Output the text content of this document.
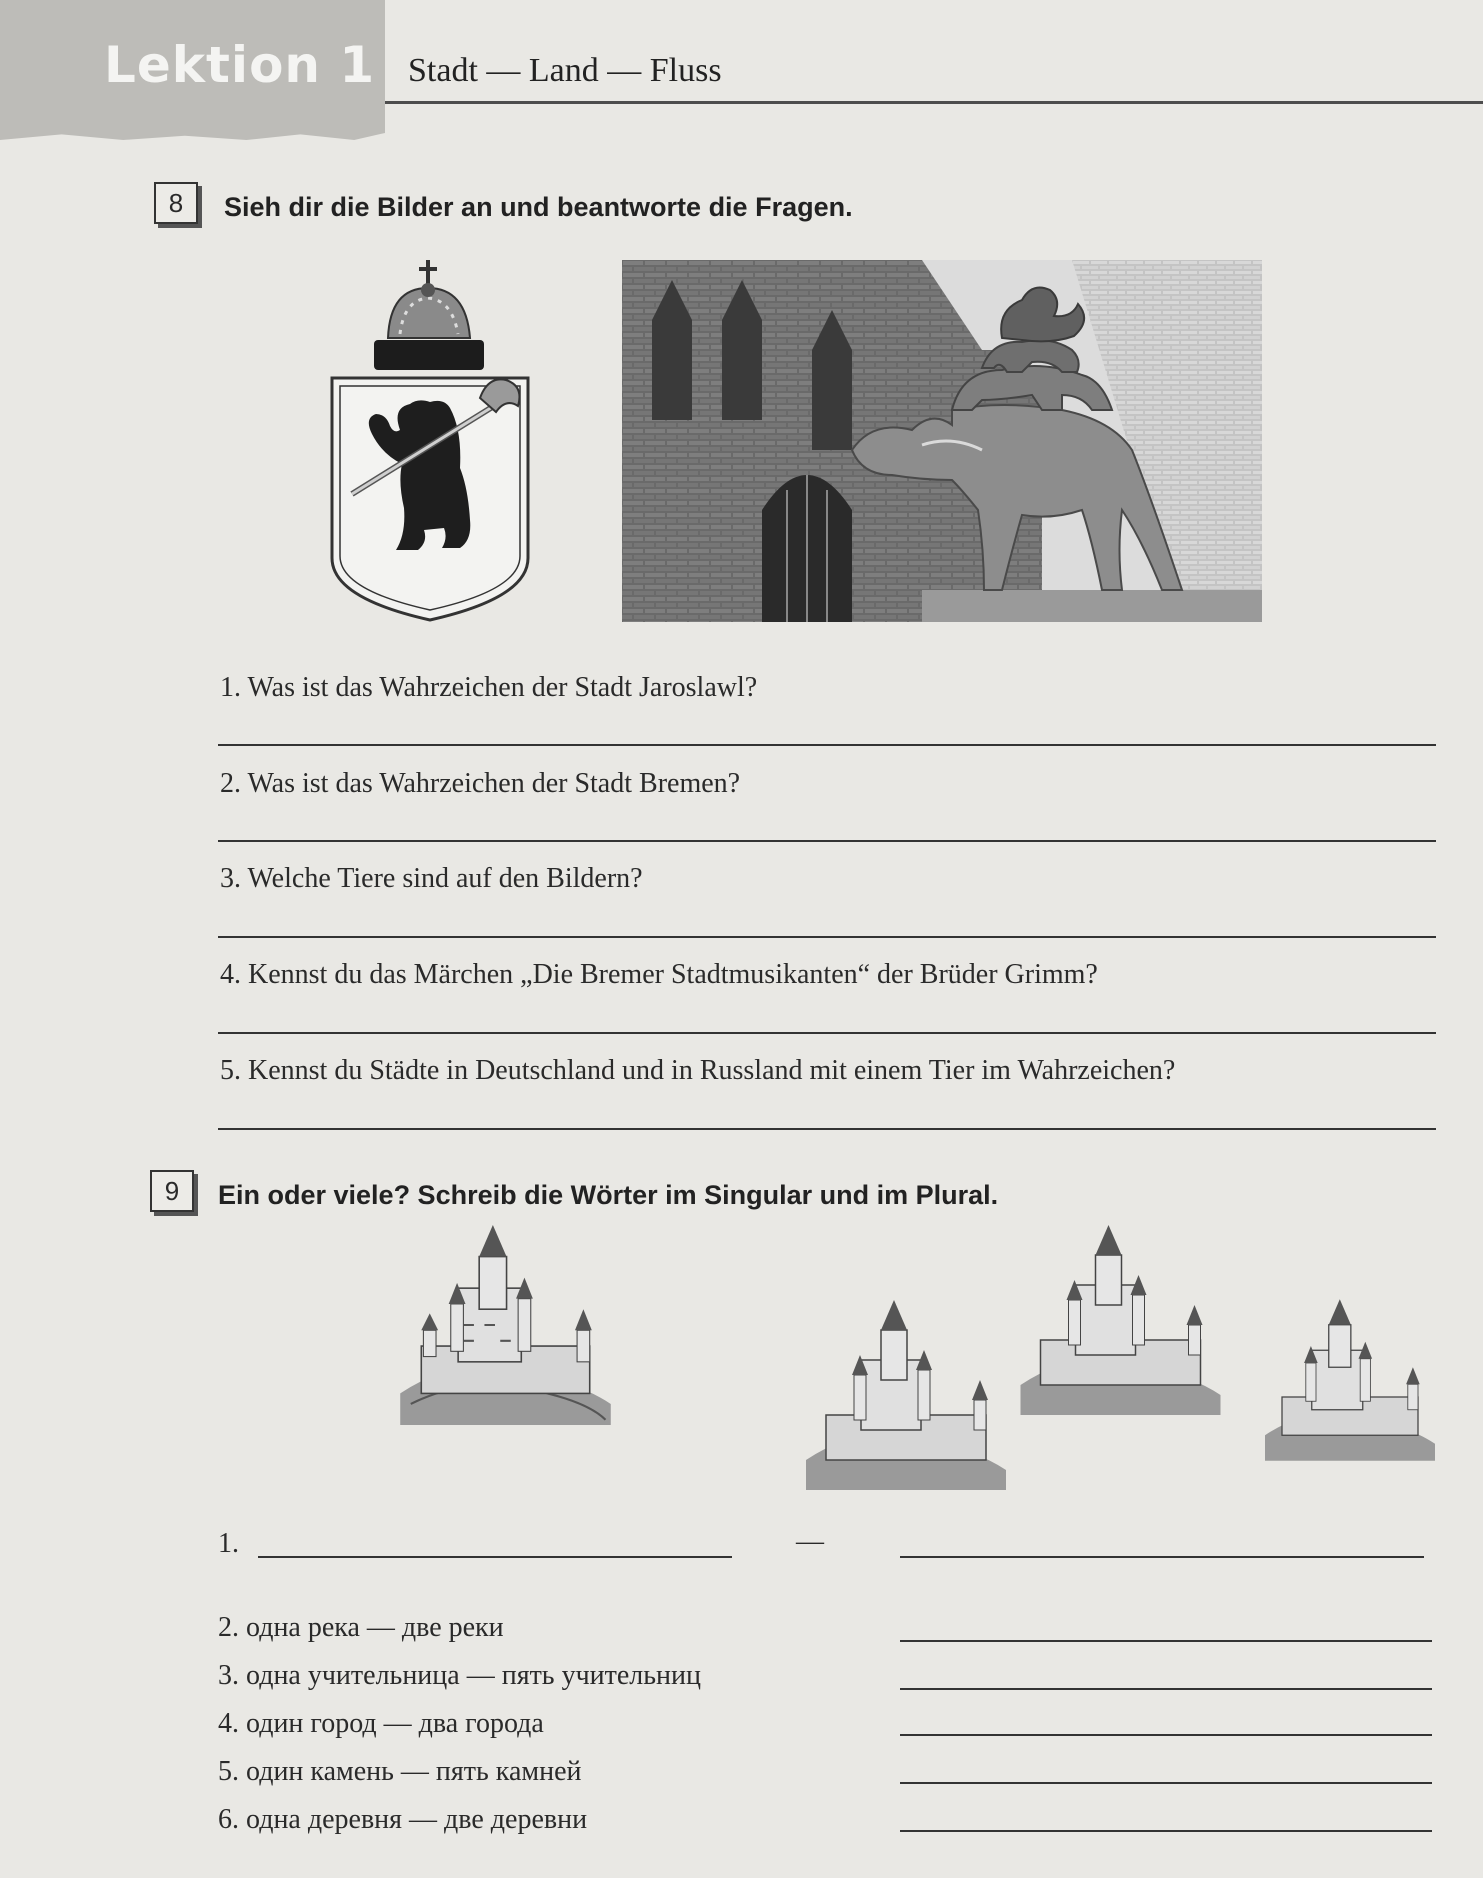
Lektion 1 Stadt — Land — Fluss
8	Sieh dir die Bilder an und beantworte die Fragen.
1. Was ist das Wahrzeichen der Stadt Jaroslawl?
2. Was ist das Wahrzeichen der Stadt Bremen?
3. Welche Tiere sind auf den Bildern?
4. Kennst du das Märchen „Die Bremer Stadtmusikanten“ der Brüder Grimm?
5. Kennst du Städte in Deutschland und in Russland mit einem Tier im Wahrzeichen?
9	Ein oder viele? Schreib die Wörter im Singular und im Plural.
1.	—
2. одна река — две реки
3. одна учительница — пять учительниц
4. один город — два города
5. один камень — пять камней
6. одна деревня — две деревни
